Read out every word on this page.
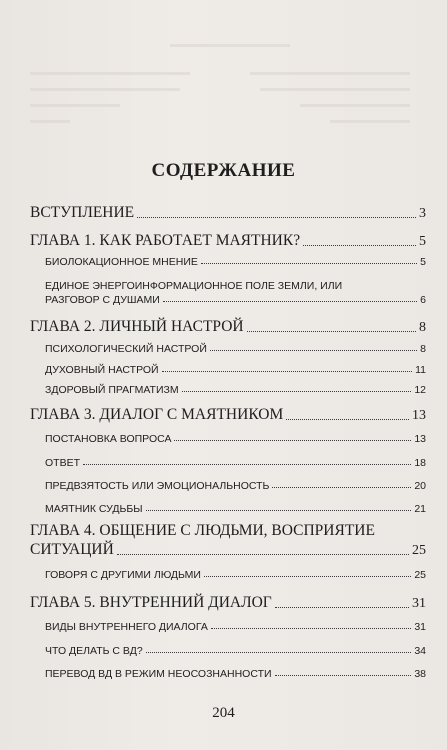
СОДЕРЖАНИЕ
ВСТУПЛЕНИЕ	3
ГЛАВА 1. КАК РАБОТАЕТ МАЯТНИК?	5
БИОЛОКАЦИОННОЕ МНЕНИЕ	5
ЕДИНОЕ ЭНЕРГОИНФОРМАЦИОННОЕ ПОЛЕ ЗЕМЛИ, ИЛИ
РАЗГОВОР С ДУШАМИ	6
ГЛАВА 2. ЛИЧНЫЙ НАСТРОЙ	8
ПСИХОЛОГИЧЕСКИЙ НАСТРОЙ	8
ДУХОВНЫЙ НАСТРОЙ	11
ЗДОРОВЫЙ ПРАГМАТИЗМ	12
ГЛАВА 3. ДИАЛОГ С МАЯТНИКОМ	13
ПОСТАНОВКА ВОПРОСА	13
ОТВЕТ	18
ПРЕДВЗЯТОСТЬ ИЛИ ЭМОЦИОНАЛЬНОСТЬ	20
МАЯТНИК СУДЬБЫ	21
ГЛАВА 4. ОБЩЕНИЕ С ЛЮДЬМИ, ВОСПРИЯТИЕ
СИТУАЦИЙ	25
ГОВОРЯ С ДРУГИМИ ЛЮДЬМИ	25
ГЛАВА 5. ВНУТРЕННИЙ ДИАЛОГ	31
ВИДЫ ВНУТРЕННЕГО ДИАЛОГА	31
ЧТО ДЕЛАТЬ С ВД?	34
ПЕРЕВОД ВД В РЕЖИМ НЕОСОЗНАННОСТИ	38
204
